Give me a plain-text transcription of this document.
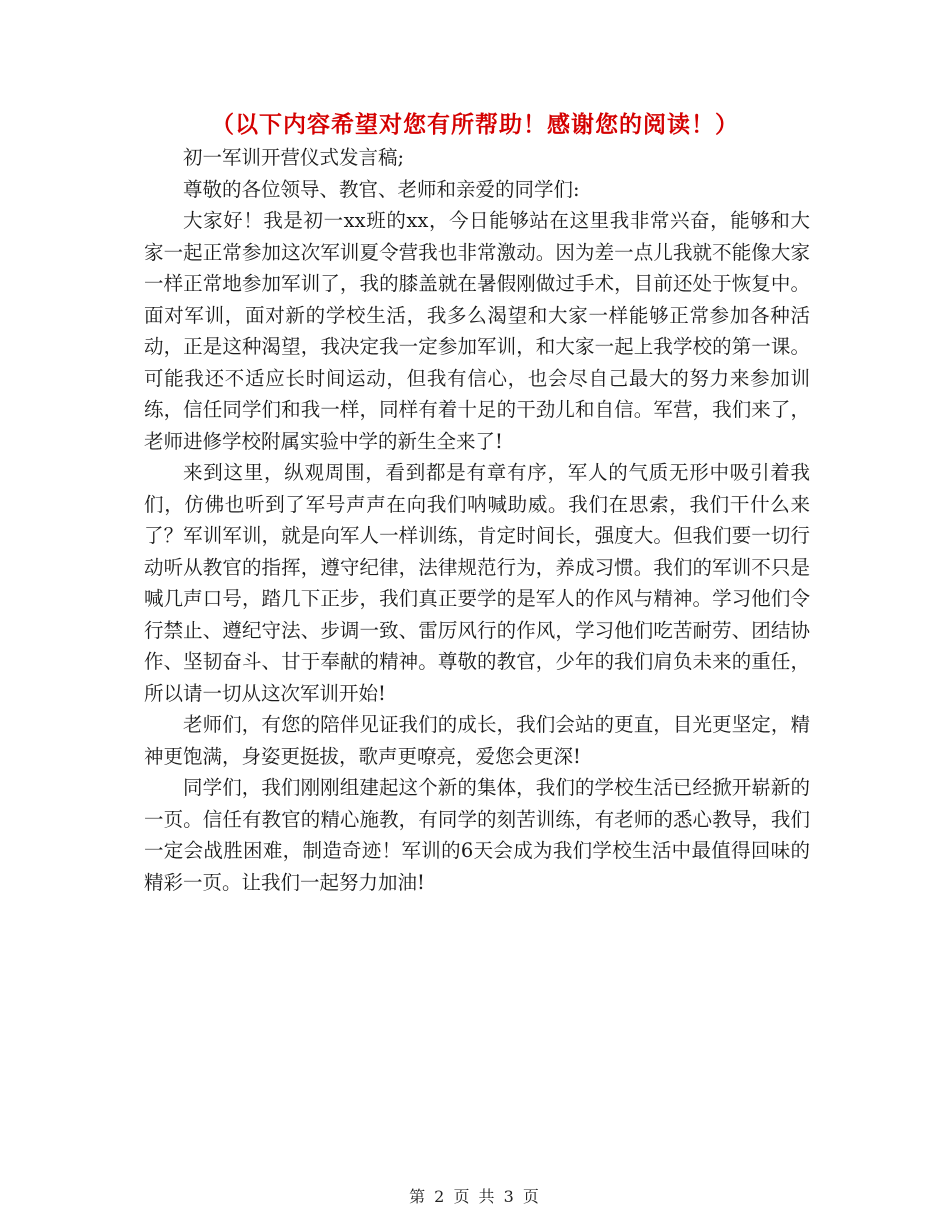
（以下内容希望对您有所帮助！感谢您的阅读！）

初一军训开营仪式发言稿;

尊敬的各位领导、教官、老师和亲爱的同学们:

大家好！我是初一xx班的xx，今日能够站在这里我非常兴奋，能够和大家一起正常参加这次军训夏令营我也非常激动。因为差一点儿我就不能像大家一样正常地参加军训了，我的膝盖就在暑假刚做过手术，目前还处于恢复中。面对军训，面对新的学校生活，我多么渴望和大家一样能够正常参加各种活动，正是这种渴望，我决定我一定参加军训，和大家一起上我学校的第一课。可能我还不适应长时间运动，但我有信心，也会尽自己最大的努力来参加训练，信任同学们和我一样，同样有着十足的干劲儿和自信。军营，我们来了，老师进修学校附属实验中学的新生全来了!

来到这里，纵观周围，看到都是有章有序，军人的气质无形中吸引着我们，仿佛也听到了军号声声在向我们呐喊助威。我们在思索，我们干什么来了？军训军训，就是向军人一样训练，肯定时间长，强度大。但我们要一切行动听从教官的指挥，遵守纪律，法律规范行为，养成习惯。我们的军训不只是喊几声口号，踏几下正步，我们真正要学的是军人的作风与精神。学习他们令行禁止、遵纪守法、步调一致、雷厉风行的作风，学习他们吃苦耐劳、团结协作、坚韧奋斗、甘于奉献的精神。尊敬的教官，少年的我们肩负未来的重任，所以请一切从这次军训开始!

老师们，有您的陪伴见证我们的成长，我们会站的更直，目光更坚定，精神更饱满，身姿更挺拔，歌声更嘹亮，爱您会更深!

同学们，我们刚刚组建起这个新的集体，我们的学校生活已经掀开崭新的一页。信任有教官的精心施教，有同学的刻苦训练，有老师的悉心教导，我们一定会战胜困难，制造奇迹！军训的6天会成为我们学校生活中最值得回味的精彩一页。让我们一起努力加油!

第 2 页 共 3 页
